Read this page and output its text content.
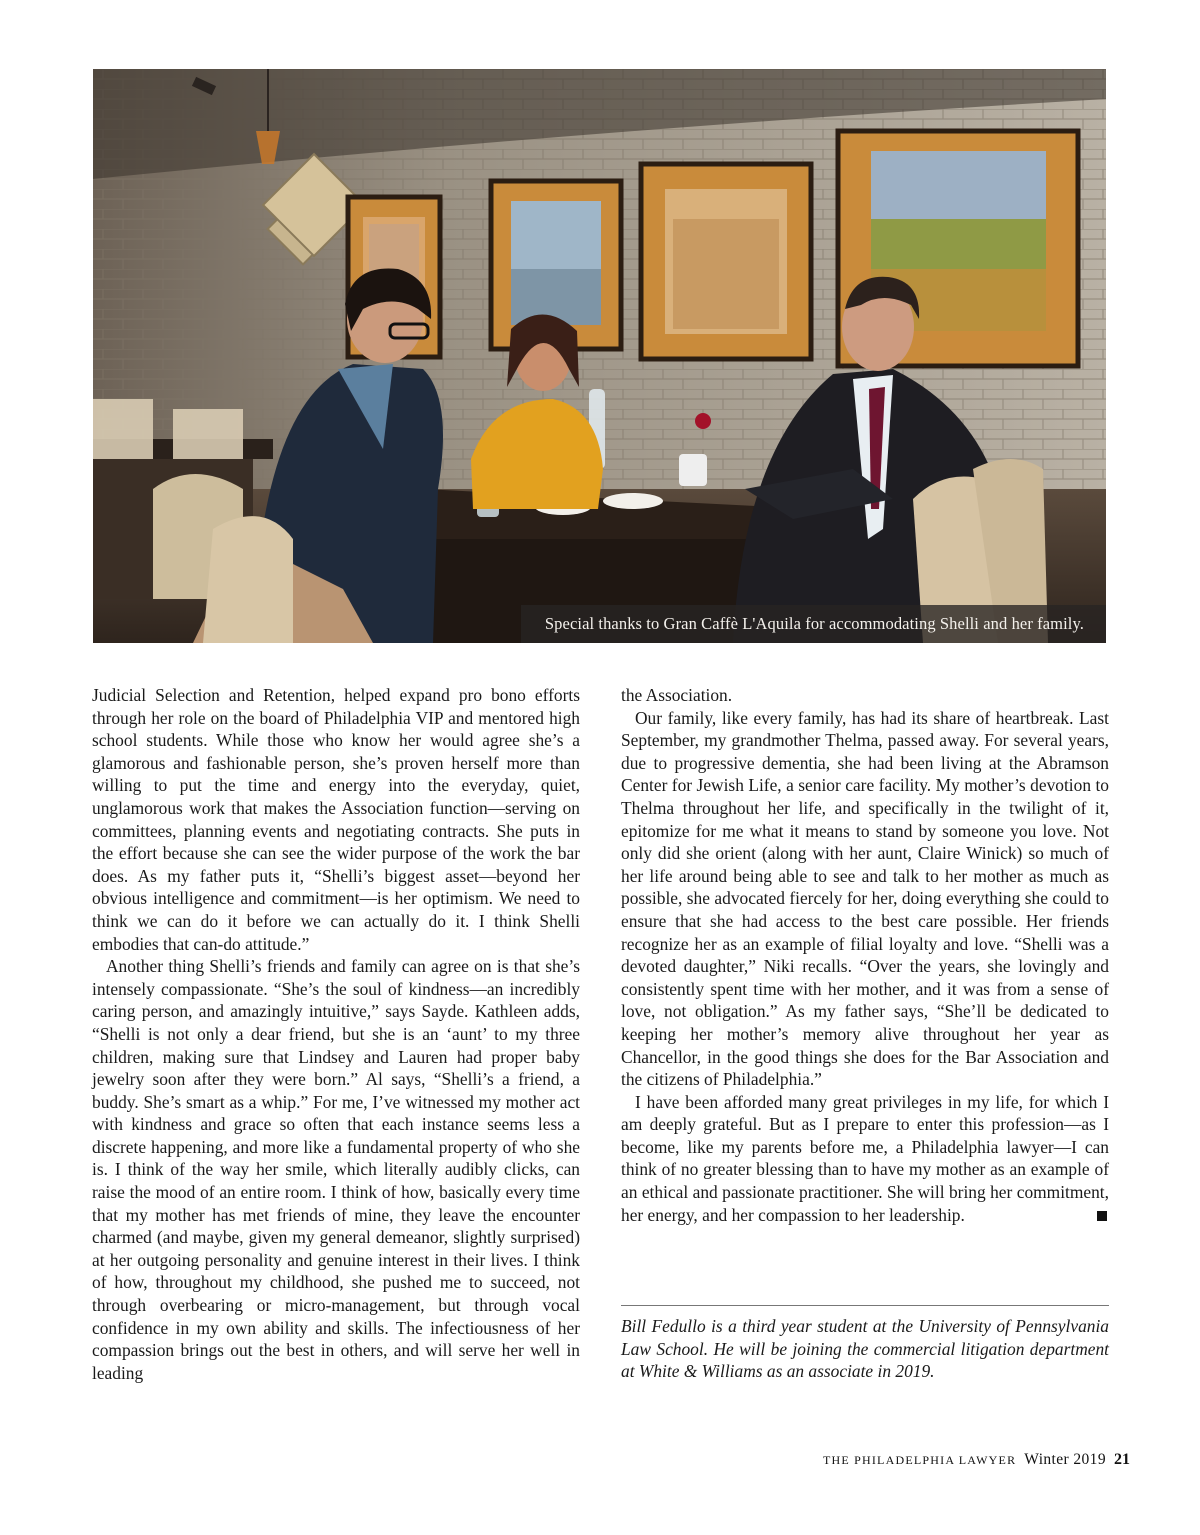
Special thanks to Gran Caffè L'Aquila for accommodating Shelli and her family.

Judicial Selection and Retention, helped expand pro bono efforts through her role on the board of Philadelphia VIP and mentored high school students. While those who know her would agree she’s a glamorous and fashionable person, she’s proven herself more than willing to put the time and energy into the everyday, quiet, unglamorous work that makes the Association function—serving on committees, planning events and negotiating contracts. She puts in the effort because she can see the wider purpose of the work the bar does. As my father puts it, “Shelli’s biggest asset—beyond her obvious intelligence and commitment—is her optimism. We need to think we can do it before we can actually do it. I think Shelli embodies that can-do attitude.”

Another thing Shelli’s friends and family can agree on is that she’s intensely compassionate. “She’s the soul of kindness—an incredibly caring person, and amazingly intuitive,” says Sayde. Kathleen adds, “Shelli is not only a dear friend, but she is an ‘aunt’ to my three children, making sure that Lindsey and Lauren had proper baby jewelry soon after they were born.” Al says, “Shelli’s a friend, a buddy. She’s smart as a whip.” For me, I’ve witnessed my mother act with kindness and grace so often that each instance seems less a discrete happening, and more like a fundamental property of who she is. I think of the way her smile, which literally audibly clicks, can raise the mood of an entire room. I think of how, basically every time that my mother has met friends of mine, they leave the encounter charmed (and maybe, given my general demeanor, slightly surprised) at her outgoing personality and genuine interest in their lives. I think of how, throughout my childhood, she pushed me to succeed, not through overbearing or micro-management, but through vocal confidence in my own ability and skills. The infectiousness of her compassion brings out the best in others, and will serve her well in leading

the Association.

Our family, like every family, has had its share of heartbreak. Last September, my grandmother Thelma, passed away. For several years, due to progressive dementia, she had been living at the Abramson Center for Jewish Life, a senior care facility. My mother’s devotion to Thelma throughout her life, and specifically in the twilight of it, epitomize for me what it means to stand by someone you love. Not only did she orient (along with her aunt, Claire Winick) so much of her life around being able to see and talk to her mother as much as possible, she advocated fiercely for her, doing everything she could to ensure that she had access to the best care possible. Her friends recognize her as an example of filial loyalty and love. “Shelli was a devoted daughter,” Niki recalls. “Over the years, she lovingly and consistently spent time with her mother, and it was from a sense of love, not obligation.” As my father says, “She’ll be dedicated to keeping her mother’s memory alive throughout her year as Chancellor, in the good things she does for the Bar Association and the citizens of Philadelphia.”

I have been afforded many great privileges in my life, for which I am deeply grateful. But as I prepare to enter this profession—as I become, like my parents before me, a Philadelphia lawyer—I can think of no greater blessing than to have my mother as an example of an ethical and passionate practitioner. She will bring her commitment, her energy, and her compassion to her leadership.

Bill Fedullo is a third year student at the University of Pennsylvania Law School. He will be joining the commercial litigation department at White & Williams as an associate in 2019.

THE PHILADELPHIA LAWYER Winter 2019 21
